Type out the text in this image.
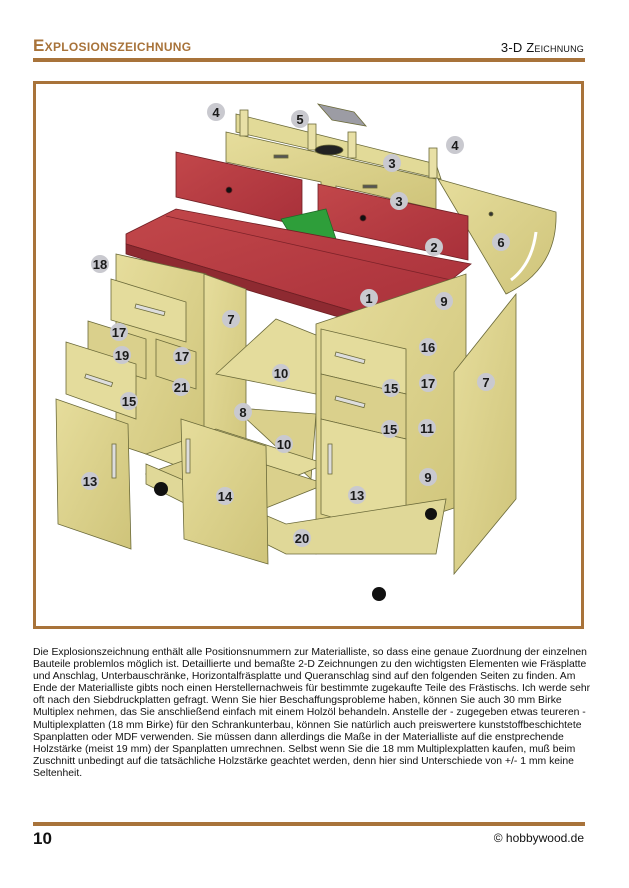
Explosionszeichnung	3-D Zeichnung
4	5
4
3
3
6
2
18
1	9
7
16
17
19	17
7
10
15 17
21
15
8
15 11
10
9
13
14	13
20
Die Explosionszeichnung enthält alle Positionsnummern zur Materialliste, so dass eine genaue Zuordnung der einzelnen Bauteile problemlos möglich ist. Detaillierte und bemaßte 2-D Zeichnungen zu den wichtigsten Elementen wie Fräsplatte und Anschlag, Unterbauschränke, Horizontalfräsplatte und Queranschlag sind auf den folgenden Seiten zu finden. Am Ende der Materialliste gibts noch einen Herstellernachweis für bestimmte zugekaufte Teile des Frästischs. Ich werde sehr oft nach den Siebdruckplatten gefragt. Wenn Sie hier Beschaffungsprobleme haben, können Sie auch 30 mm Birke Multiplex nehmen, das Sie anschließend einfach mit einem Holzöl behandeln. Anstelle der - zugegeben etwas teureren - Multiplexplatten (18 mm Birke) für den Schrankunterbau, können Sie natürlich auch preiswertere kunststoffbeschichtete Spanplatten oder MDF verwenden. Sie müssen dann allerdings die Maße in der Materialliste auf die enstprechende Holzstärke (meist 19 mm) der Spanplatten umrechnen. Selbst wenn Sie die 18 mm Multiplexplatten kaufen, muß beim Zuschnitt unbedingt auf die tatsächliche Holzstärke geachtet werden, denn hier sind Unterschiede von +/- 1 mm keine Seltenheit.
10	© hobbywood.de
